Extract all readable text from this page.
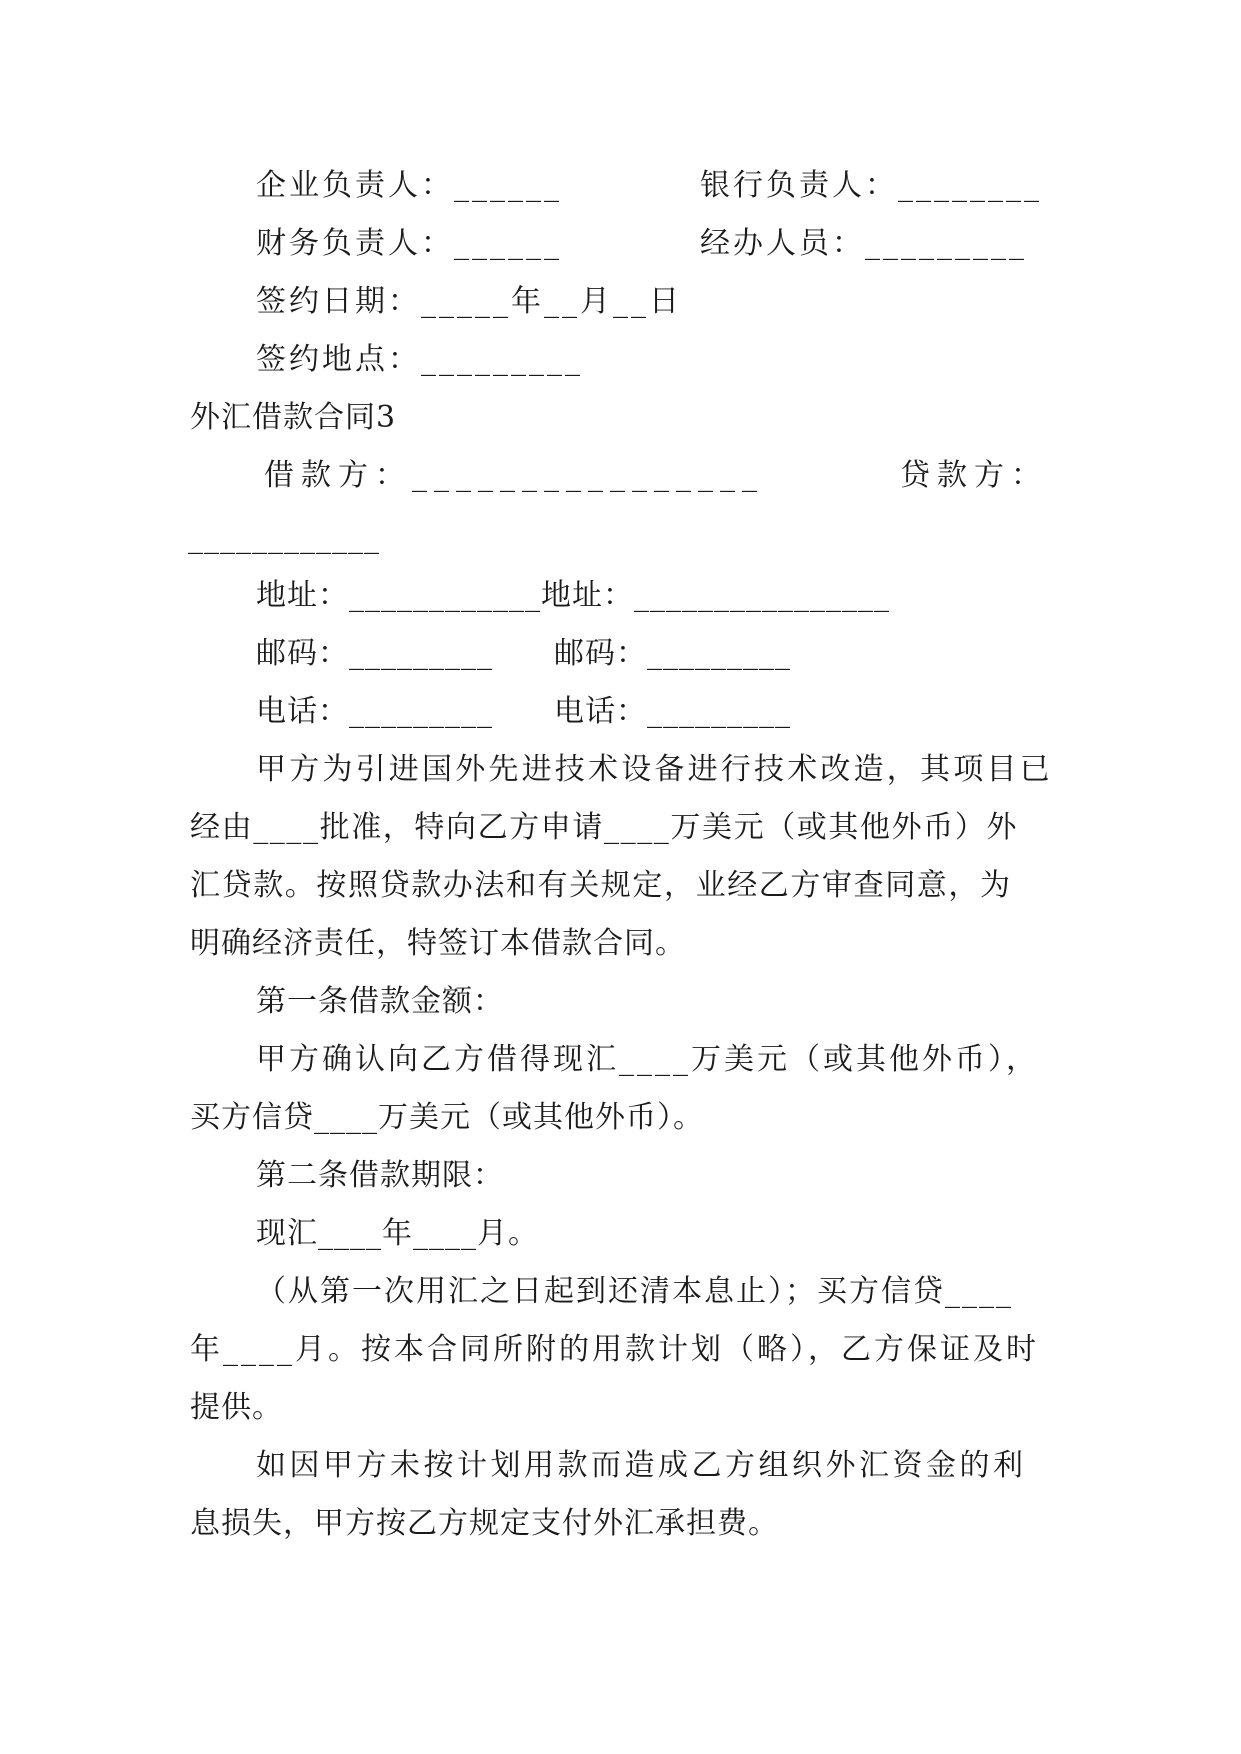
企业负责人：______	银行负责人：________
财务负责人：______	经办人员：_________
签约日期：_____年__月__日
签约地点：_________
外汇借款合同3
借款方：________________	贷款方：
____________
地址：____________地址：________________
邮码：_________ 邮码：_________
电话：_________ 电话：_________
甲方为引进国外先进技术设备进行技术改造，其项目已
经由____批准，特向乙方申请____万美元（或其他外币）外
汇贷款。按照贷款办法和有关规定，业经乙方审查同意，为
明确经济责任，特签订本借款合同。
第一条借款金额：
甲方确认向乙方借得现汇____万美元（或其他外币），
买方信贷____万美元（或其他外币）。
第二条借款期限：
现汇____年____月。
（从第一次用汇之日起到还清本息止）；买方信贷____
年____月。按本合同所附的用款计划（略），乙方保证及时
提供。
如因甲方未按计划用款而造成乙方组织外汇资金的利
息损失，甲方按乙方规定支付外汇承担费。
